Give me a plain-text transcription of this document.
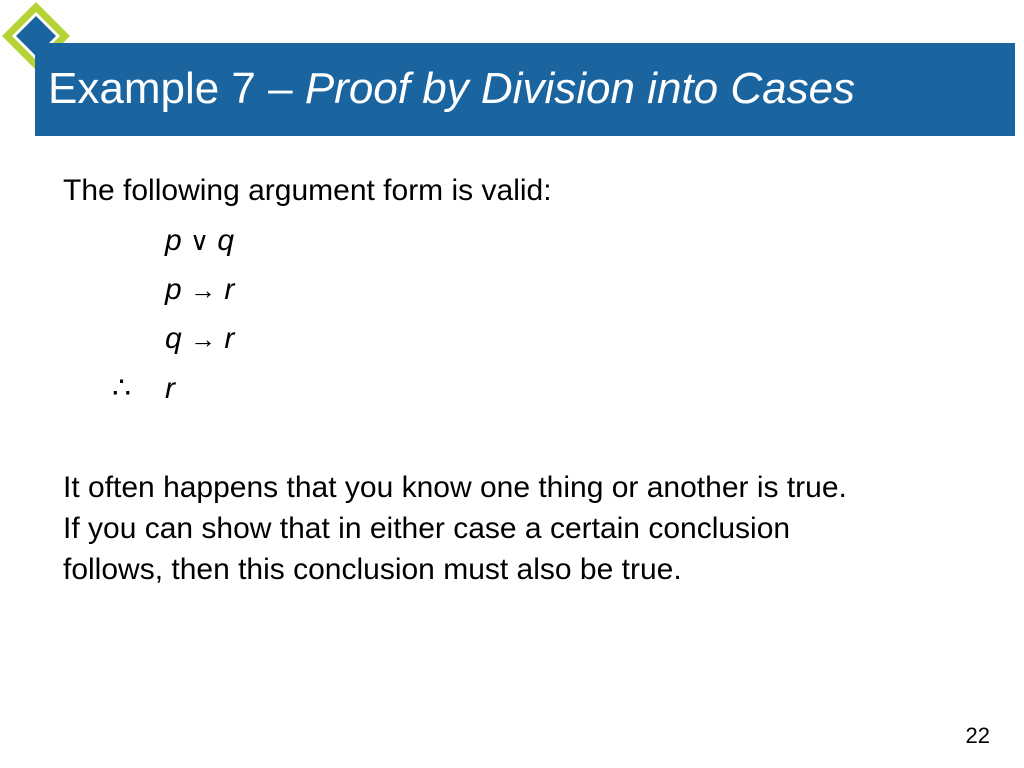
Example 7 – Proof by Division into Cases
The following argument form is valid:
p ∨ q
p → r
q → r
∴ r
It often happens that you know one thing or another is true.
If you can show that in either case a certain conclusion
follows, then this conclusion must also be true.
22
